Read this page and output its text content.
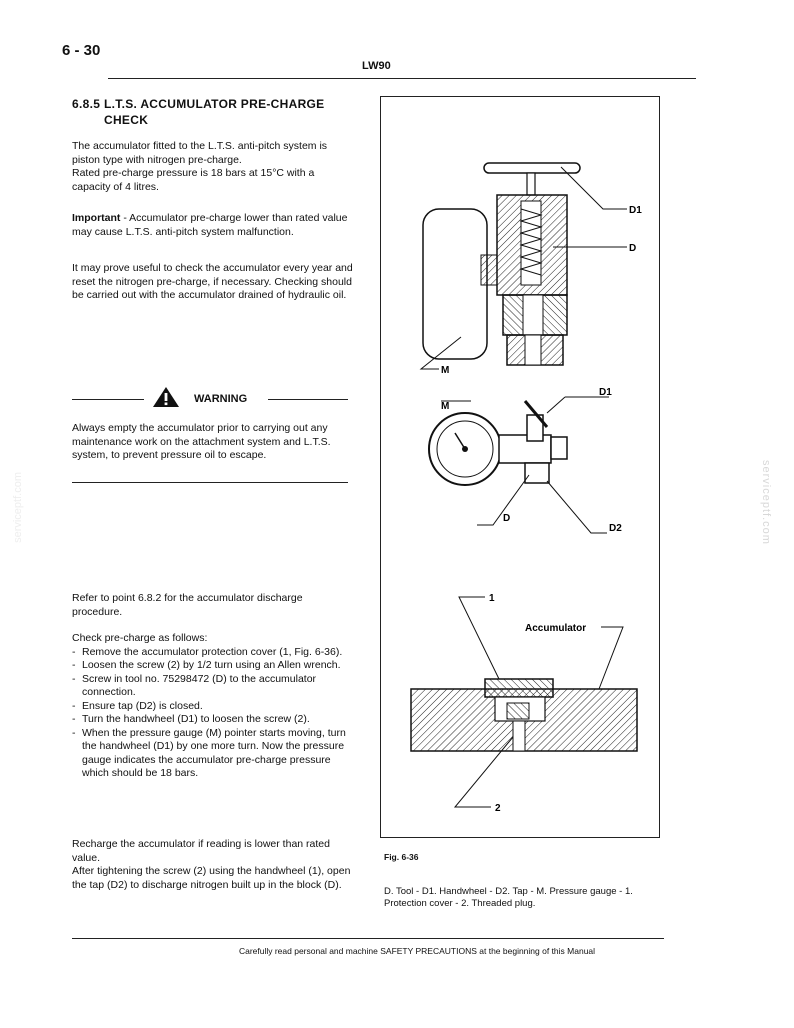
6 - 30
LW90
6.8.5 L.T.S. ACCUMULATOR PRE-CHARGE
CHECK

The accumulator fitted to the L.T.S. anti-pitch system is piston type with nitrogen pre-charge.

Rated pre-charge pressure is 18 bars at 15°C with a capacity of 4 litres.

Important - Accumulator pre-charge lower than rated value may cause L.T.S. anti-pitch system malfunction.

It may prove useful to check the accumulator every year and reset the nitrogen pre-charge, if necessary. Checking should be carried out with the accumulator drained of hydraulic oil.

WARNING

Always empty the accumulator prior to carrying out any maintenance work on the attachment system and L.T.S. system, to prevent pressure oil to escape.

Refer to point 6.8.2 for the accumulator discharge procedure.

Check pre-charge as follows:

- Remove the accumulator protection cover (1, Fig. 6-36).
- Loosen the screw (2) by 1/2 turn using an Allen wrench.
- Screw in tool no. 75298472 (D) to the accumulator connection.
- Ensure tap (D2) is closed.
- Turn the handwheel (D1) to loosen the screw (2).
- When the pressure gauge (M) pointer starts moving, turn the handwheel (D1) by one more turn. Now the pressure gauge indicates the accumulator pre-charge pressure which should be 18 bars.

Recharge the accumulator if reading is lower than rated value.

After tightening the screw (2) using the handwheel (1), open the tap (D2) to discharge nitrogen built up in the block (D).

D1
D
M
D1
M
D
D2
1
Accumulator
2
Fig. 6-36
D. Tool - D1. Handwheel - D2. Tap - M. Pressure gauge - 1. Protection cover - 2. Threaded plug.
Carefully read personal and machine SAFETY PRECAUTIONS at the beginning of this Manual
serviceptf.com
serviceptf.com
